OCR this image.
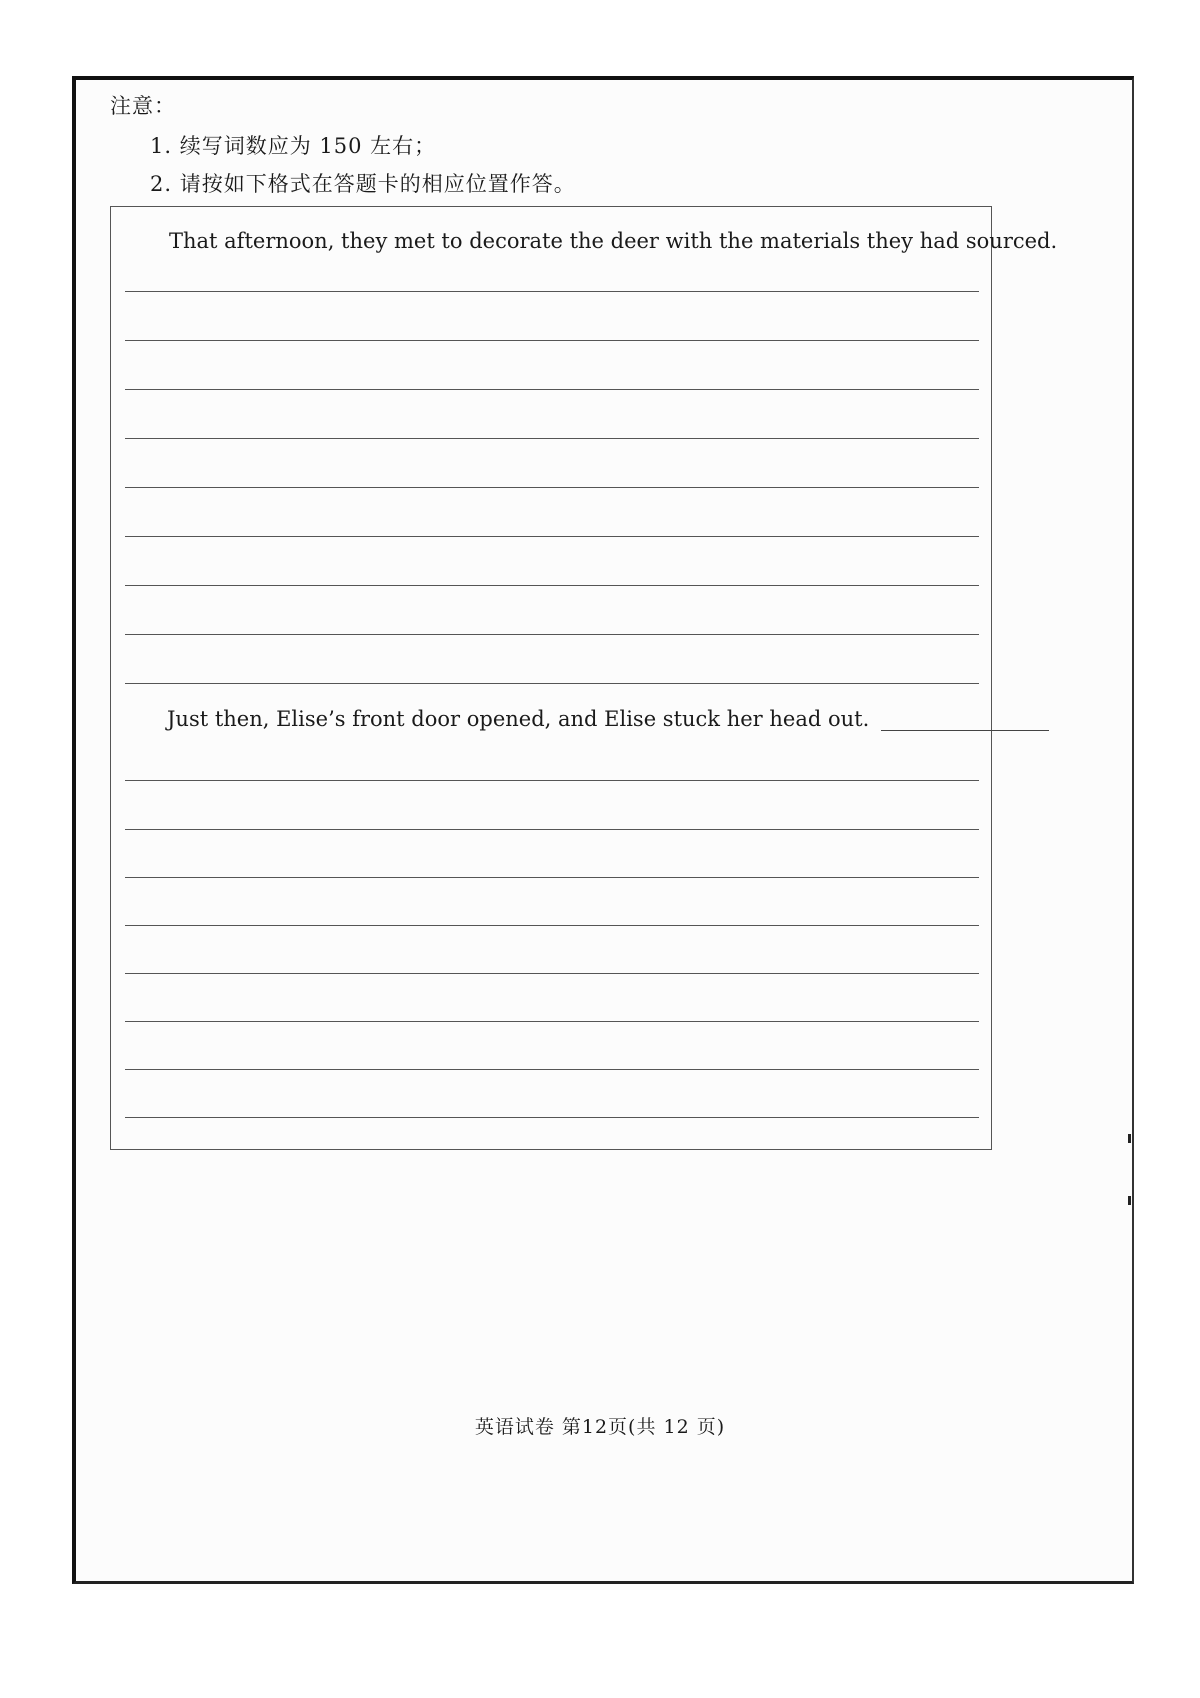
注意：
1. 续写词数应为 150 左右；
2. 请按如下格式在答题卡的相应位置作答。
That afternoon, they met to decorate the deer with the materials they had sourced.
Just then, Elise’s front door opened, and Elise stuck her head out.
英语试卷 第12页(共 12 页)
